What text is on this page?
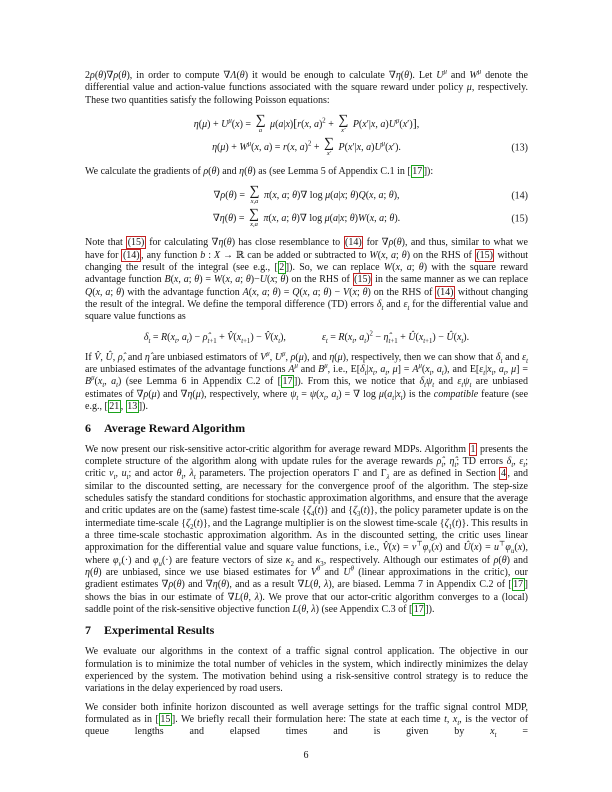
2ρ(θ)∇ρ(θ), in order to compute ∇Λ(θ) it would be enough to calculate ∇η(θ). Let $U^\mu$ and $W^\mu$ denote the differential value and action-value functions associated with the square reward under policy μ, respectively. These two quantities satisfy the following Poisson equations:

$\eta(\mu) + U^\mu(x)$ = ∑
a
μ(a|x)[r(x, a)$^2$ + ∑
x′
P(x′|x, $a)U^\mu(x')$],
$\eta(\mu) + W^\mu(x$, a) = r(x, a)$^2$ + ∑
x′
P(x′|x, $a)U^\mu(x')$.	(13)

We calculate the gradients of ρ(θ) and η(θ) as (see Lemma 5 of Appendix C.1 in [ 17 ]):

∇ρ(θ) = ∑
x,a
π(x, a; θ)∇ log μ(a|x; θ)Q(x, a; θ),	(14)
∇η(θ) = ∑
x,a
π(x, a; θ)∇ log μ(a|x; θ)W(x, a; θ).	(15)

Note that (15) for calculating ∇η(θ) has close resemblance to (14) for ∇ρ(θ), and thus, similar to what we have for (14) , any function b : X → ℝ can be added or subtracted to W(x, a; θ) on the RHS of (15) without changing the result of the integral (see e.g., [ 2 ]). So, we can replace W(x, a; θ) with the square reward advantage function B(x, a; θ) = W(x, a; θ)−U(x; θ) on the RHS of (15) in the same manner as we can replace Q(x, a; θ) with the advantage function A(x, a; θ) = Q(x, a; θ) − V(x; θ) on the RHS of (14) without changing the result of the integral. We define the temporal difference (TD) errors $\delta_t$ and $\varepsilon_t$ for the differential value and square value functions as

$\delta_t = R(x_t$, $a_t$) − $\rhô_{t+1}$ + $V̂(x_{t+1})$ − $V̂(x_t)$,	$\varepsilon_t = R(x_t$, $a_t)^2$ − $\etâ_{t+1}$ + $Û(x_{t+1})$ − $Û(x_t)$.

If V̂, Û, ρ̂, and η̂ are unbiased estimators of $V^\mu$, $U^\mu$, ρ(μ), and η(μ), respectively, then we can show that $\delta_t$ and $\varepsilon_t$ are unbiased estimates of the advantage functions $A^\mu$ and $B^\mu$, i.e., $E[\delta_t|x_t$, $a_t$, $\mu] = A^\mu(x_t$, $a_t$), and $E[\varepsilon_t|x_t$, $a_t$, $\mu] = B^\mu(x_t$, $a_t$) (see Lemma 6 in Appendix C.2 of [ 17 ]). From this, we notice that $\delta_t\psi_t$ and $\varepsilon_t\psi_t$ are unbiased estimates of ∇ρ(μ) and ∇η(μ), respectively, where $\psi_t = \psi(x_t$, $a_t$) = ∇ $\log \mu(a_t|x_t)$ is the compatible feature (see e.g., [ 21 , 13 ]).

6 Average Reward Algorithm

We now present our risk-sensitive actor-critic algorithm for average reward MDPs. Algorithm 1 presents the complete structure of the algorithm along with update rules for the average rewards $\rhô_t$, $\etâ_t$; TD errors $\delta_t$, $\varepsilon_t$; critic $v_t$, $u_t$; and actor $\theta_t$, $\lambda_t$ parameters. The projection operators Γ and $\Gamma_\lambda$ are as defined in Section 4 , and similar to the discounted setting, are necessary for the convergence proof of the algorithm. The step-size schedules satisfy the standard conditions for stochastic approximation algorithms, and ensure that the average and critic updates are on the (same) fastest time-scale $\{\zeta_4(t)\}$ and $\{\zeta_3(t)\}$, the policy parameter update is on the intermediate time-scale $\{\zeta_2(t)\}$, and the Lagrange multiplier is on the slowest time-scale $\{\zeta_1(t)\}$. This results in a three time-scale stochastic approximation algorithm. As in the discounted setting, the critic uses linear approximation for the differential value and square value functions, i.e., V̂(x) = $v^⊤\varphi_v(x)$ and Û(x) = $u^⊤\varphi_u(x)$, where $\varphi_v(\cdot)$ and $\varphi_u(\cdot)$ are feature vectors of size $\kappa_2$ and $\kappa_3$, respectively. Although our estimates of ρ(θ) and η(θ) are unbiased, since we use biased estimates for $V^\theta$ and $U^\theta$ (linear approximations in the critic), our gradient estimates ∇ρ(θ) and ∇η(θ), and as a result ∇L(θ, λ), are biased. Lemma 7 in Appendix C.2 of [ 17 ] shows the bias in our estimate of ∇L(θ, λ). We prove that our actor-critic algorithm converges to a (local) saddle point of the risk-sensitive objective function L(θ, λ) (see Appendix C.3 of [ 17 ]).

7 Experimental Results

We evaluate our algorithms in the context of a traffic signal control application. The objective in our formulation is to minimize the total number of vehicles in the system, which indirectly minimizes the delay experienced by the system. The motivation behind using a risk-sensitive control strategy is to reduce the variations in the delay experienced by road users.

We consider both infinite horizon discounted as well average settings for the traffic signal control MDP, formulated as in [ 15 ]. We briefly recall their formulation here: The state at each time t, $x_t$, is the vector of queue lengths and elapsed times and is given by $x_t$ =

6
